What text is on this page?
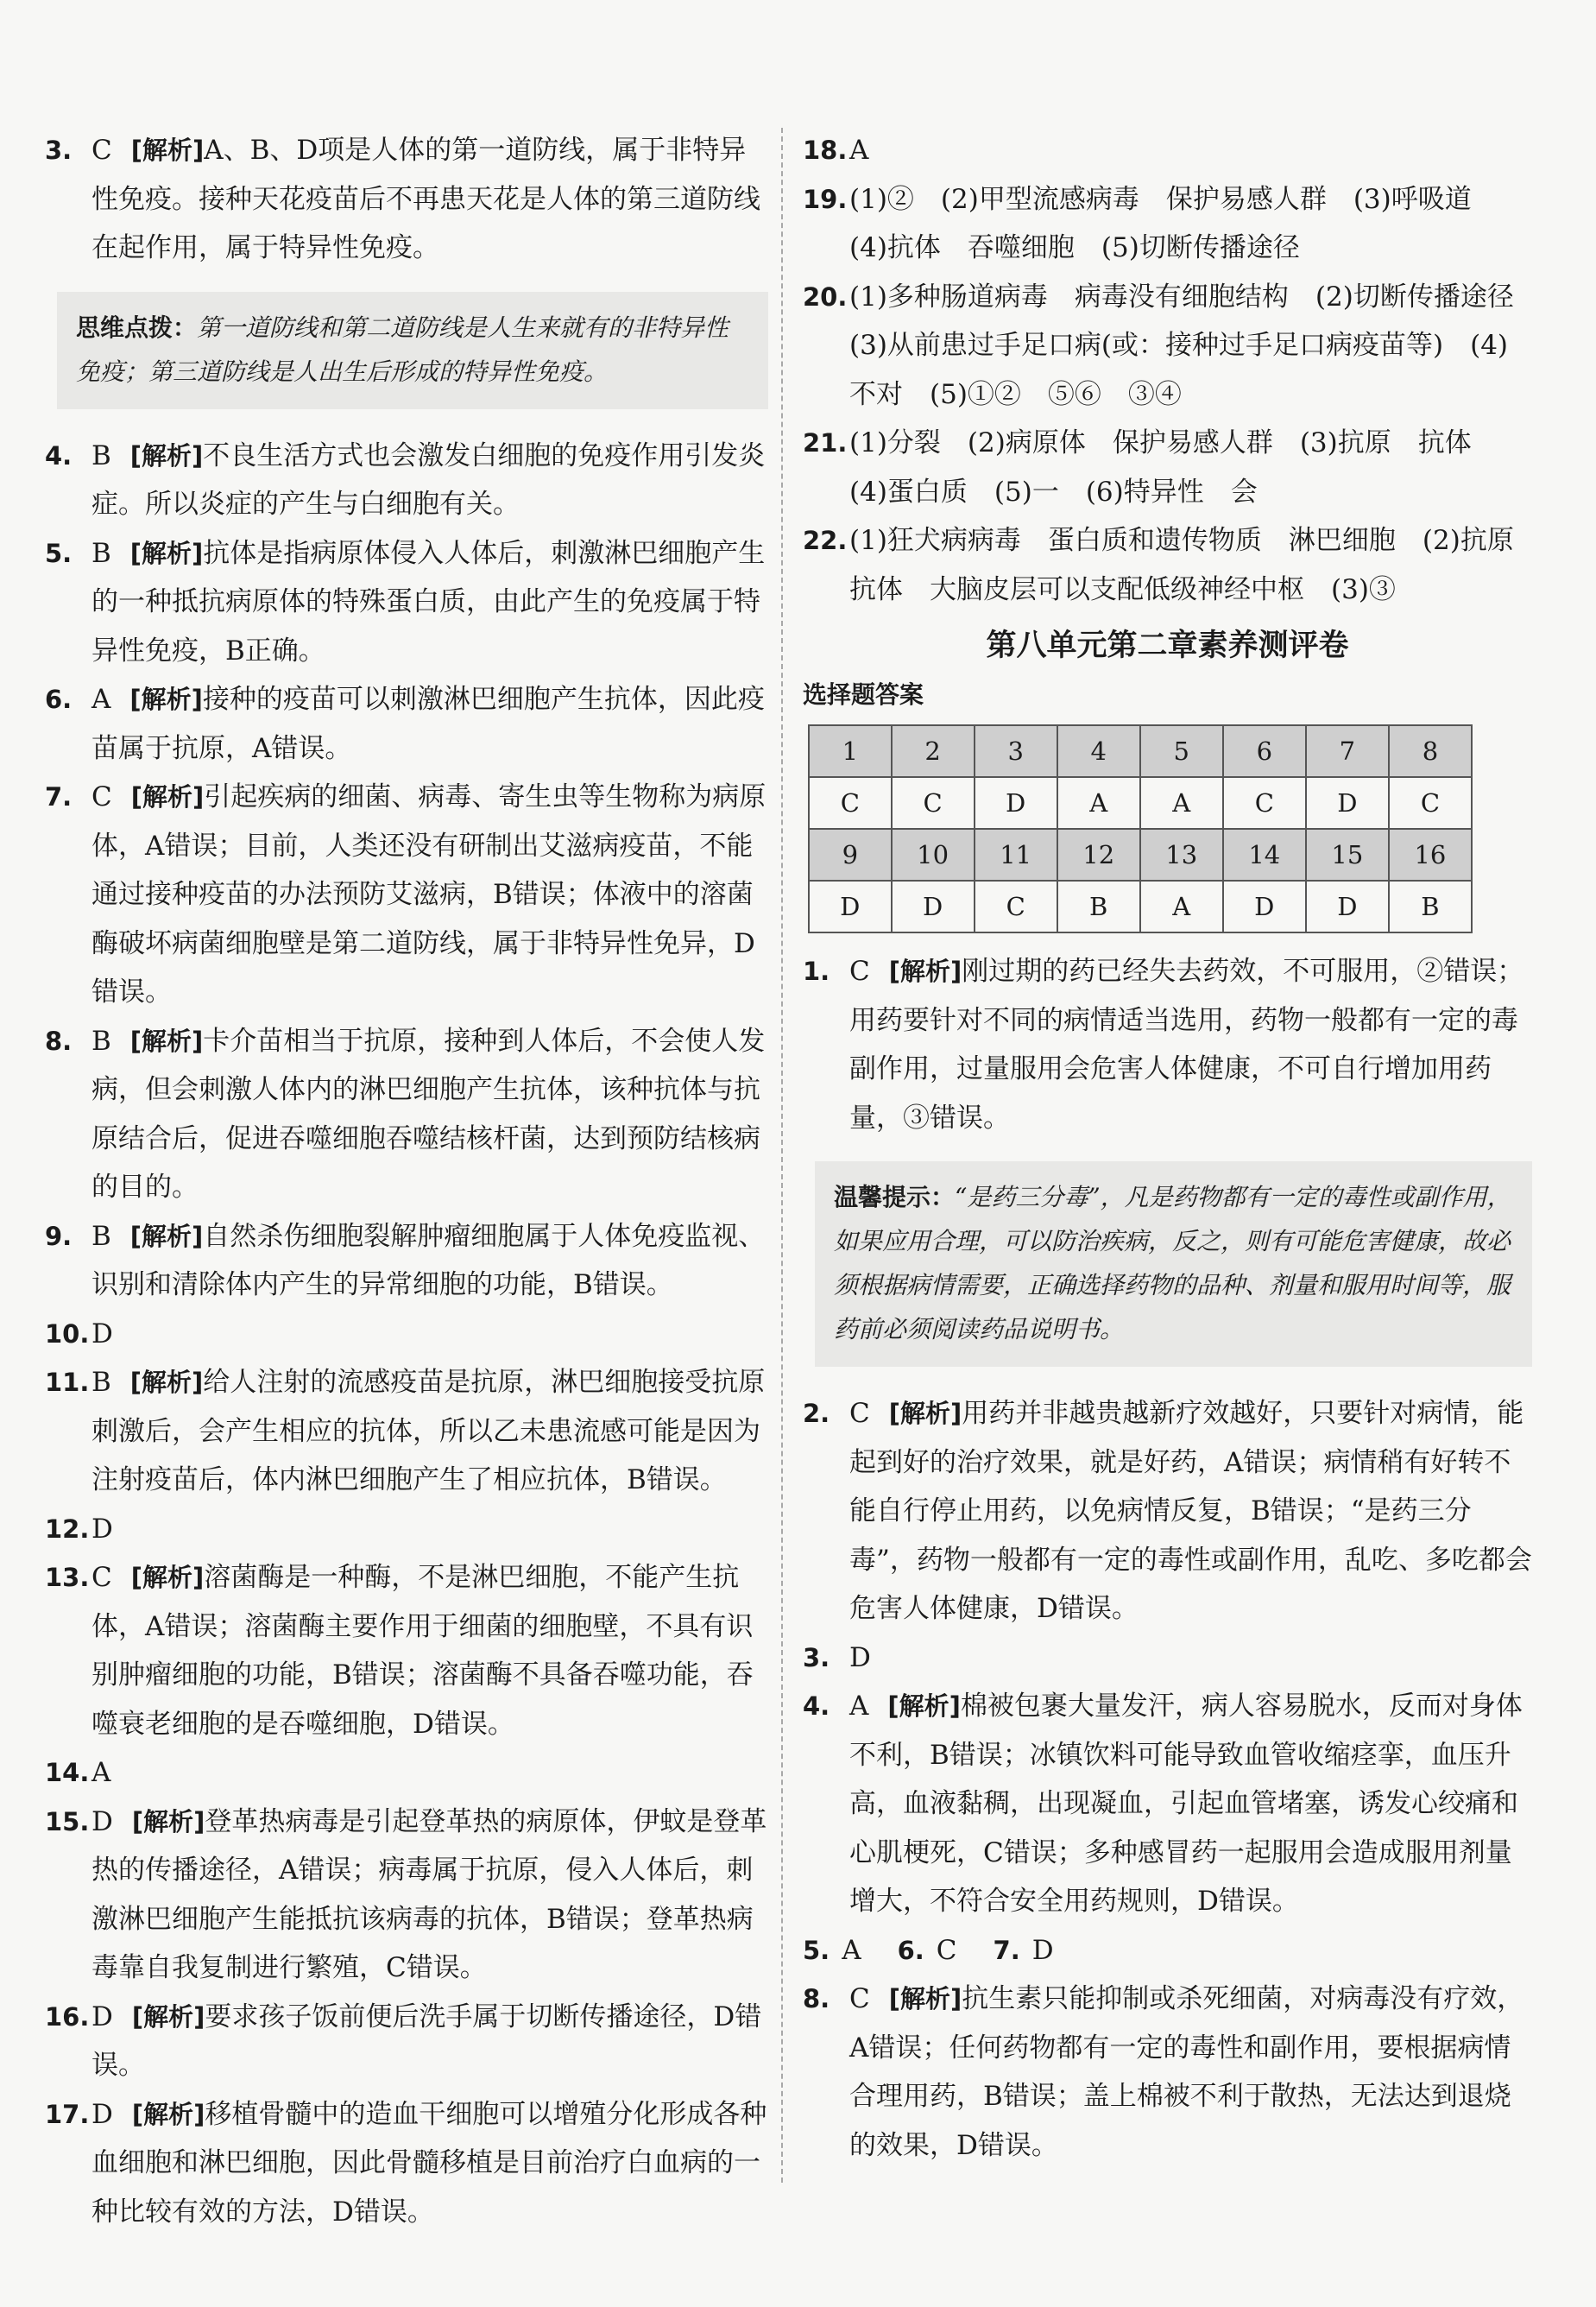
3. C [解析]A、B、D项是人体的第一道防线，属于非特异性免疫。接种天花疫苗后不再患天花是人体的第三道防线在起作用，属于特异性免疫。
思维点拨：第一道防线和第二道防线是人生来就有的非特异性免疫；第三道防线是人出生后形成的特异性免疫。
4. B [解析]不良生活方式也会激发白细胞的免疫作用引发炎症。所以炎症的产生与白细胞有关。
5. B [解析]抗体是指病原体侵入人体后，刺激淋巴细胞产生的一种抵抗病原体的特殊蛋白质，由此产生的免疫属于特异性免疫，B正确。
6. A [解析]接种的疫苗可以刺激淋巴细胞产生抗体，因此疫苗属于抗原，A错误。
7. C [解析]引起疾病的细菌、病毒、寄生虫等生物称为病原体，A错误；目前，人类还没有研制出艾滋病疫苗，不能通过接种疫苗的办法预防艾滋病，B错误；体液中的溶菌酶破坏病菌细胞壁是第二道防线，属于非特异性免异，D错误。
8. B [解析]卡介苗相当于抗原，接种到人体后，不会使人发病，但会刺激人体内的淋巴细胞产生抗体，该种抗体与抗原结合后，促进吞噬细胞吞噬结核杆菌，达到预防结核病的目的。
9. B [解析]自然杀伤细胞裂解肿瘤细胞属于人体免疫监视、识别和清除体内产生的异常细胞的功能，B错误。
10. D
11. B [解析]给人注射的流感疫苗是抗原，淋巴细胞接受抗原刺激后，会产生相应的抗体，所以乙未患流感可能是因为注射疫苗后，体内淋巴细胞产生了相应抗体，B错误。
12. D
13. C [解析]溶菌酶是一种酶，不是淋巴细胞，不能产生抗体，A错误；溶菌酶主要作用于细菌的细胞壁，不具有识别肿瘤细胞的功能，B错误；溶菌酶不具备吞噬功能，吞噬衰老细胞的是吞噬细胞，D错误。
14. A
15. D [解析]登革热病毒是引起登革热的病原体，伊蚊是登革热的传播途径，A错误；病毒属于抗原，侵入人体后，刺激淋巴细胞产生能抵抗该病毒的抗体，B错误；登革热病毒靠自我复制进行繁殖，C错误。
16. D [解析]要求孩子饭前便后洗手属于切断传播途径，D错误。
17. D [解析]移植骨髓中的造血干细胞可以增殖分化形成各种血细胞和淋巴细胞，因此骨髓移植是目前治疗白血病的一种比较有效的方法，D错误。
18. A
19. (1)②　(2)甲型流感病毒　保护易感人群　(3)呼吸道　(4)抗体　吞噬细胞　(5)切断传播途径
20. (1)多种肠道病毒　病毒没有细胞结构　(2)切断传播途径　(3)从前患过手足口病(或：接种过手足口病疫苗等)　(4)不对　(5)①②　⑤⑥　③④
21. (1)分裂　(2)病原体　保护易感人群　(3)抗原　抗体　(4)蛋白质　(5)一　(6)特异性　会
22. (1)狂犬病病毒　蛋白质和遗传物质　淋巴细胞　(2)抗原　抗体　大脑皮层可以支配低级神经中枢　(3)③
第八单元第二章素养测评卷
选择题答案
1	2	3	4	5	6	7	8
C	C	D	A	A	C	D	C
9	10	11	12	13	14	15	16
D	D	C	B	A	D	D	B
1. C [解析]刚过期的药已经失去药效，不可服用，②错误；用药要针对不同的病情适当选用，药物一般都有一定的毒副作用，过量服用会危害人体健康，不可自行增加用药量，③错误。
温馨提示：“是药三分毒”，凡是药物都有一定的毒性或副作用，如果应用合理，可以防治疾病，反之，则有可能危害健康，故必须根据病情需要，正确选择药物的品种、剂量和服用时间等，服药前必须阅读药品说明书。
2. C [解析]用药并非越贵越新疗效越好，只要针对病情，能起到好的治疗效果，就是好药，A错误；病情稍有好转不能自行停止用药，以免病情反复，B错误；“是药三分毒”，药物一般都有一定的毒性或副作用，乱吃、多吃都会危害人体健康，D错误。
3. D
4. A [解析]棉被包裹大量发汗，病人容易脱水，反而对身体不利，B错误；冰镇饮料可能导致血管收缩痉挛，血压升高，血液黏稠，出现凝血，引起血管堵塞，诱发心绞痛和心肌梗死，C错误；多种感冒药一起服用会造成服用剂量增大，不符合安全用药规则，D错误。
5. A 6. C 7. D
8. C [解析]抗生素只能抑制或杀死细菌，对病毒没有疗效，A错误；任何药物都有一定的毒性和副作用，要根据病情合理用药，B错误；盖上棉被不利于散热，无法达到退烧的效果，D错误。
